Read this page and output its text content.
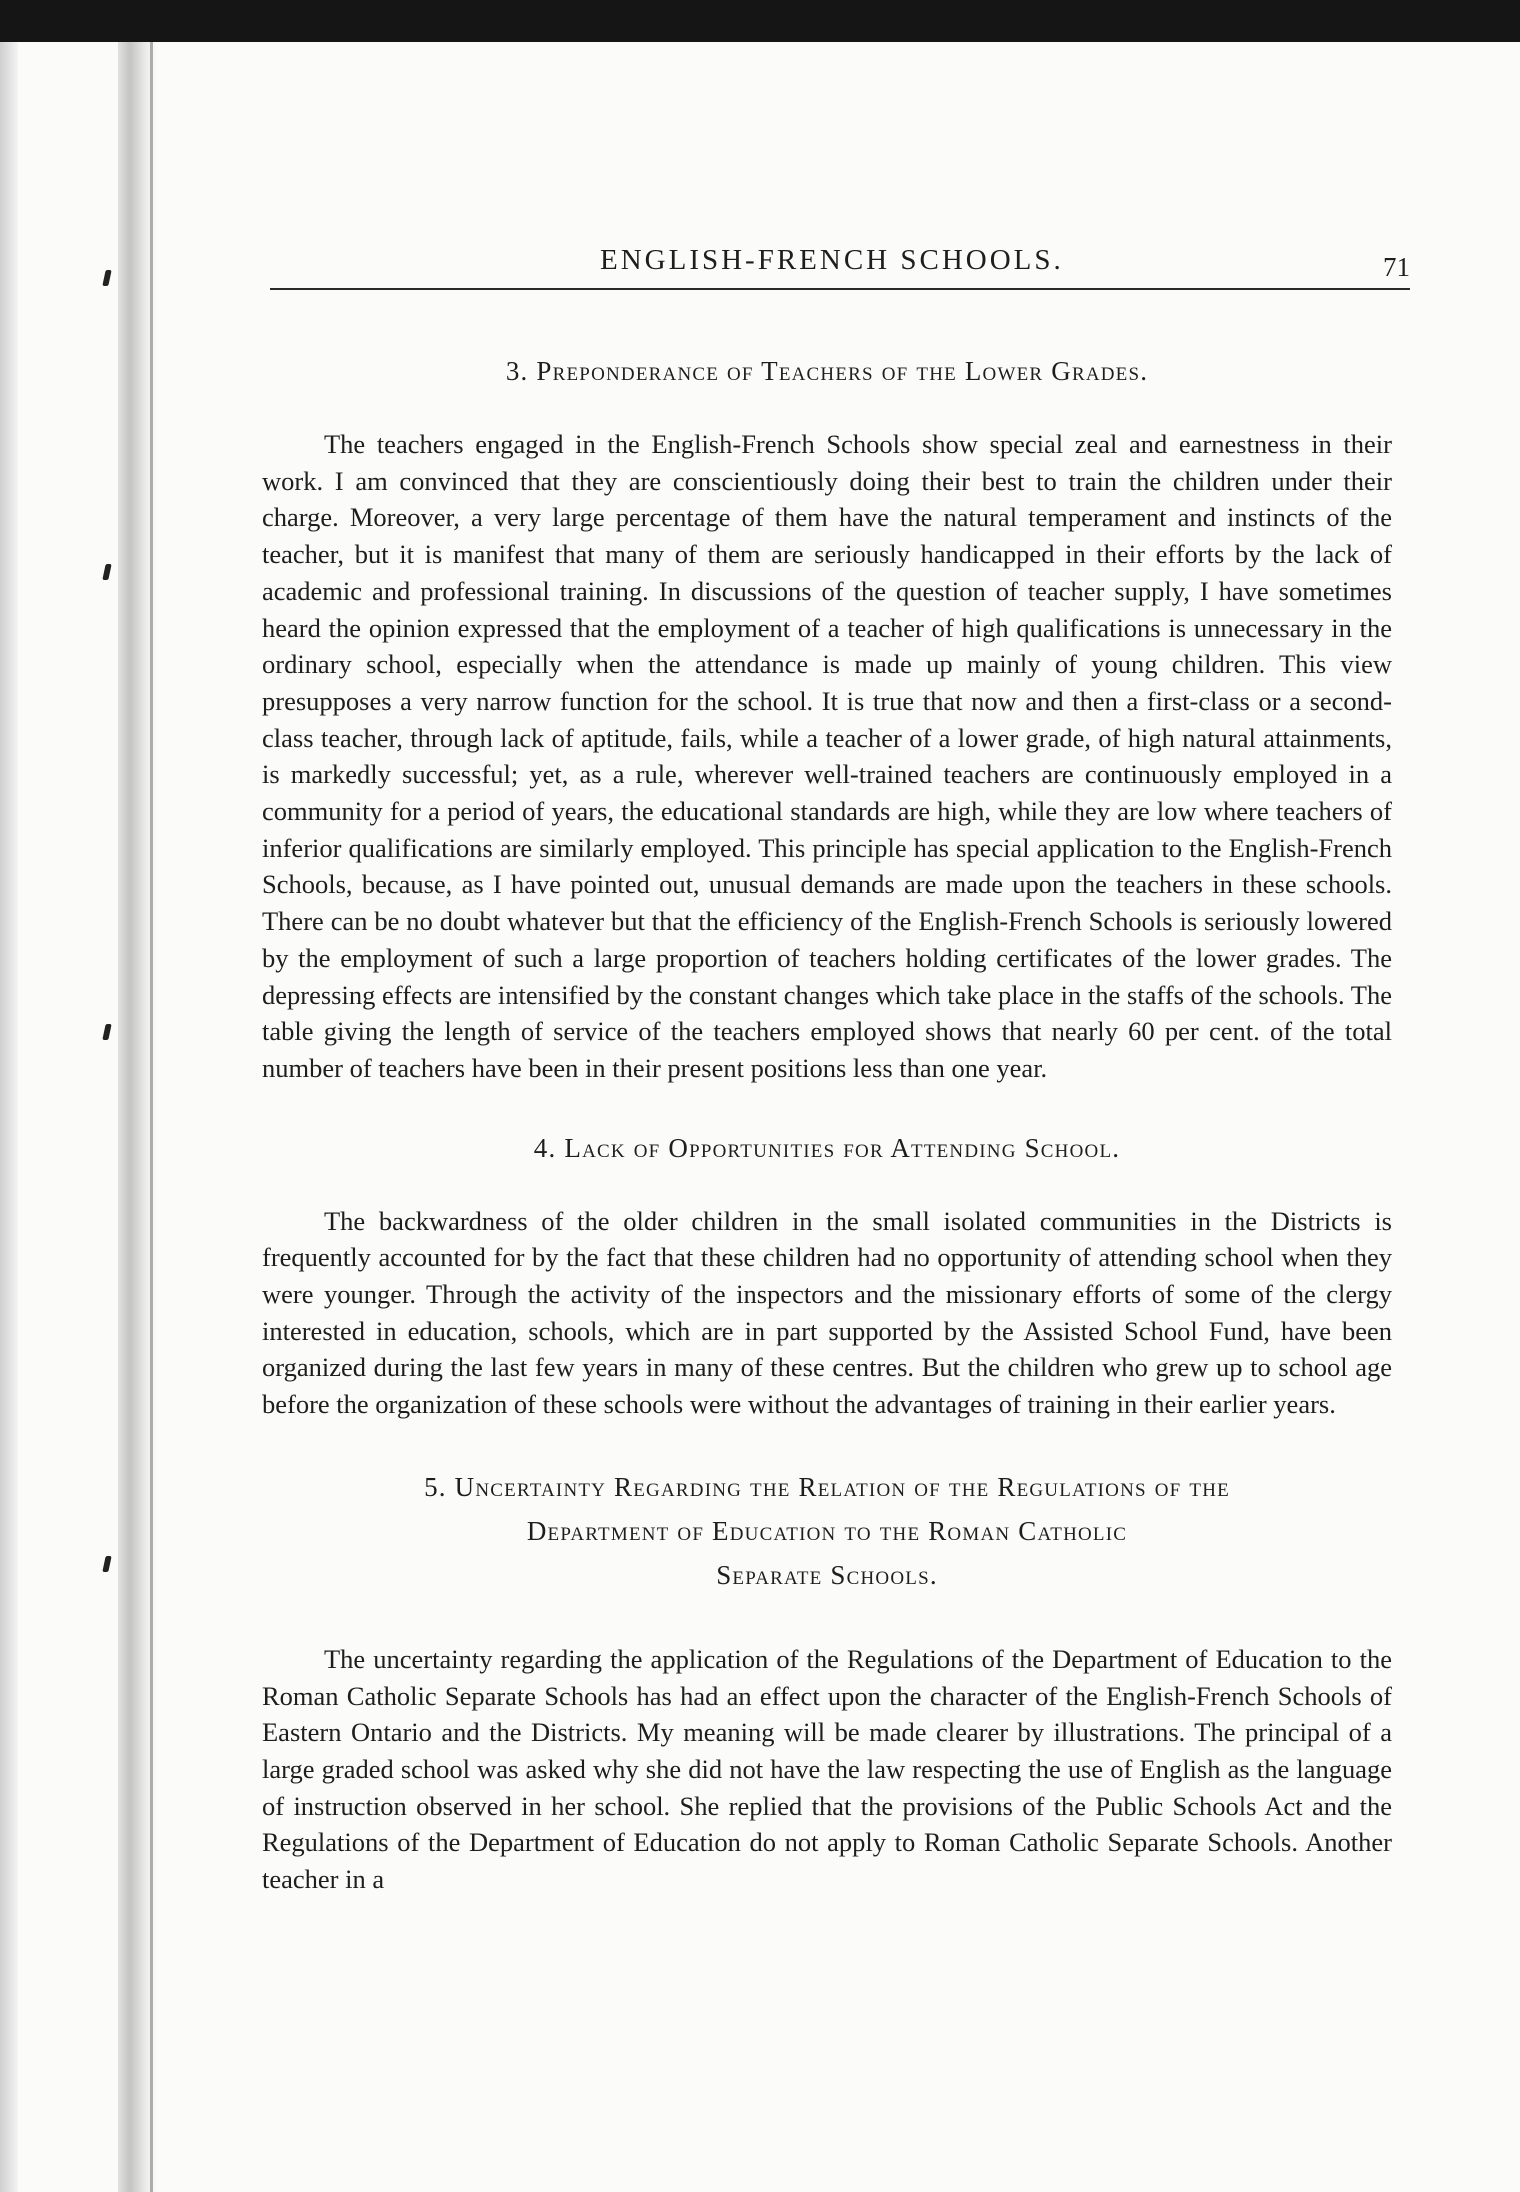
ENGLISH-FRENCH SCHOOLS.	71
3. Preponderance of Teachers of the Lower Grades.

The teachers engaged in the English-French Schools show special zeal and earnestness in their work. I am convinced that they are conscientiously doing their best to train the children under their charge. Moreover, a very large percentage of them have the natural temperament and instincts of the teacher, but it is manifest that many of them are seriously handicapped in their efforts by the lack of academic and professional training. In discussions of the question of teacher supply, I have sometimes heard the opinion expressed that the employment of a teacher of high qualifications is unnecessary in the ordinary school, especially when the attendance is made up mainly of young children. This view presupposes a very narrow function for the school. It is true that now and then a first-class or a second-class teacher, through lack of aptitude, fails, while a teacher of a lower grade, of high natural attainments, is markedly successful; yet, as a rule, wherever well-trained teachers are continuously employed in a community for a period of years, the educational standards are high, while they are low where teachers of inferior qualifications are similarly employed. This principle has special application to the English-French Schools, because, as I have pointed out, unusual demands are made upon the teachers in these schools. There can be no doubt whatever but that the efficiency of the English-French Schools is seriously lowered by the employment of such a large proportion of teachers holding certificates of the lower grades. The depressing effects are intensified by the constant changes which take place in the staffs of the schools. The table giving the length of service of the teachers employed shows that nearly 60 per cent. of the total number of teachers have been in their present positions less than one year.

4. Lack of Opportunities for Attending School.

The backwardness of the older children in the small isolated communities in the Districts is frequently accounted for by the fact that these children had no opportunity of attending school when they were younger. Through the activity of the inspectors and the missionary efforts of some of the clergy interested in education, schools, which are in part supported by the Assisted School Fund, have been organized during the last few years in many of these centres. But the children who grew up to school age before the organization of these schools were without the advantages of training in their earlier years.

5. Uncertainty Regarding the Relation of the Regulations of the
Department of Education to the Roman Catholic
Separate Schools.

The uncertainty regarding the application of the Regulations of the Department of Education to the Roman Catholic Separate Schools has had an effect upon the character of the English-French Schools of Eastern Ontario and the Districts. My meaning will be made clearer by illustrations. The principal of a large graded school was asked why she did not have the law respecting the use of English as the language of instruction observed in her school. She replied that the provisions of the Public Schools Act and the Regulations of the Department of Education do not apply to Roman Catholic Separate Schools. Another teacher in a
